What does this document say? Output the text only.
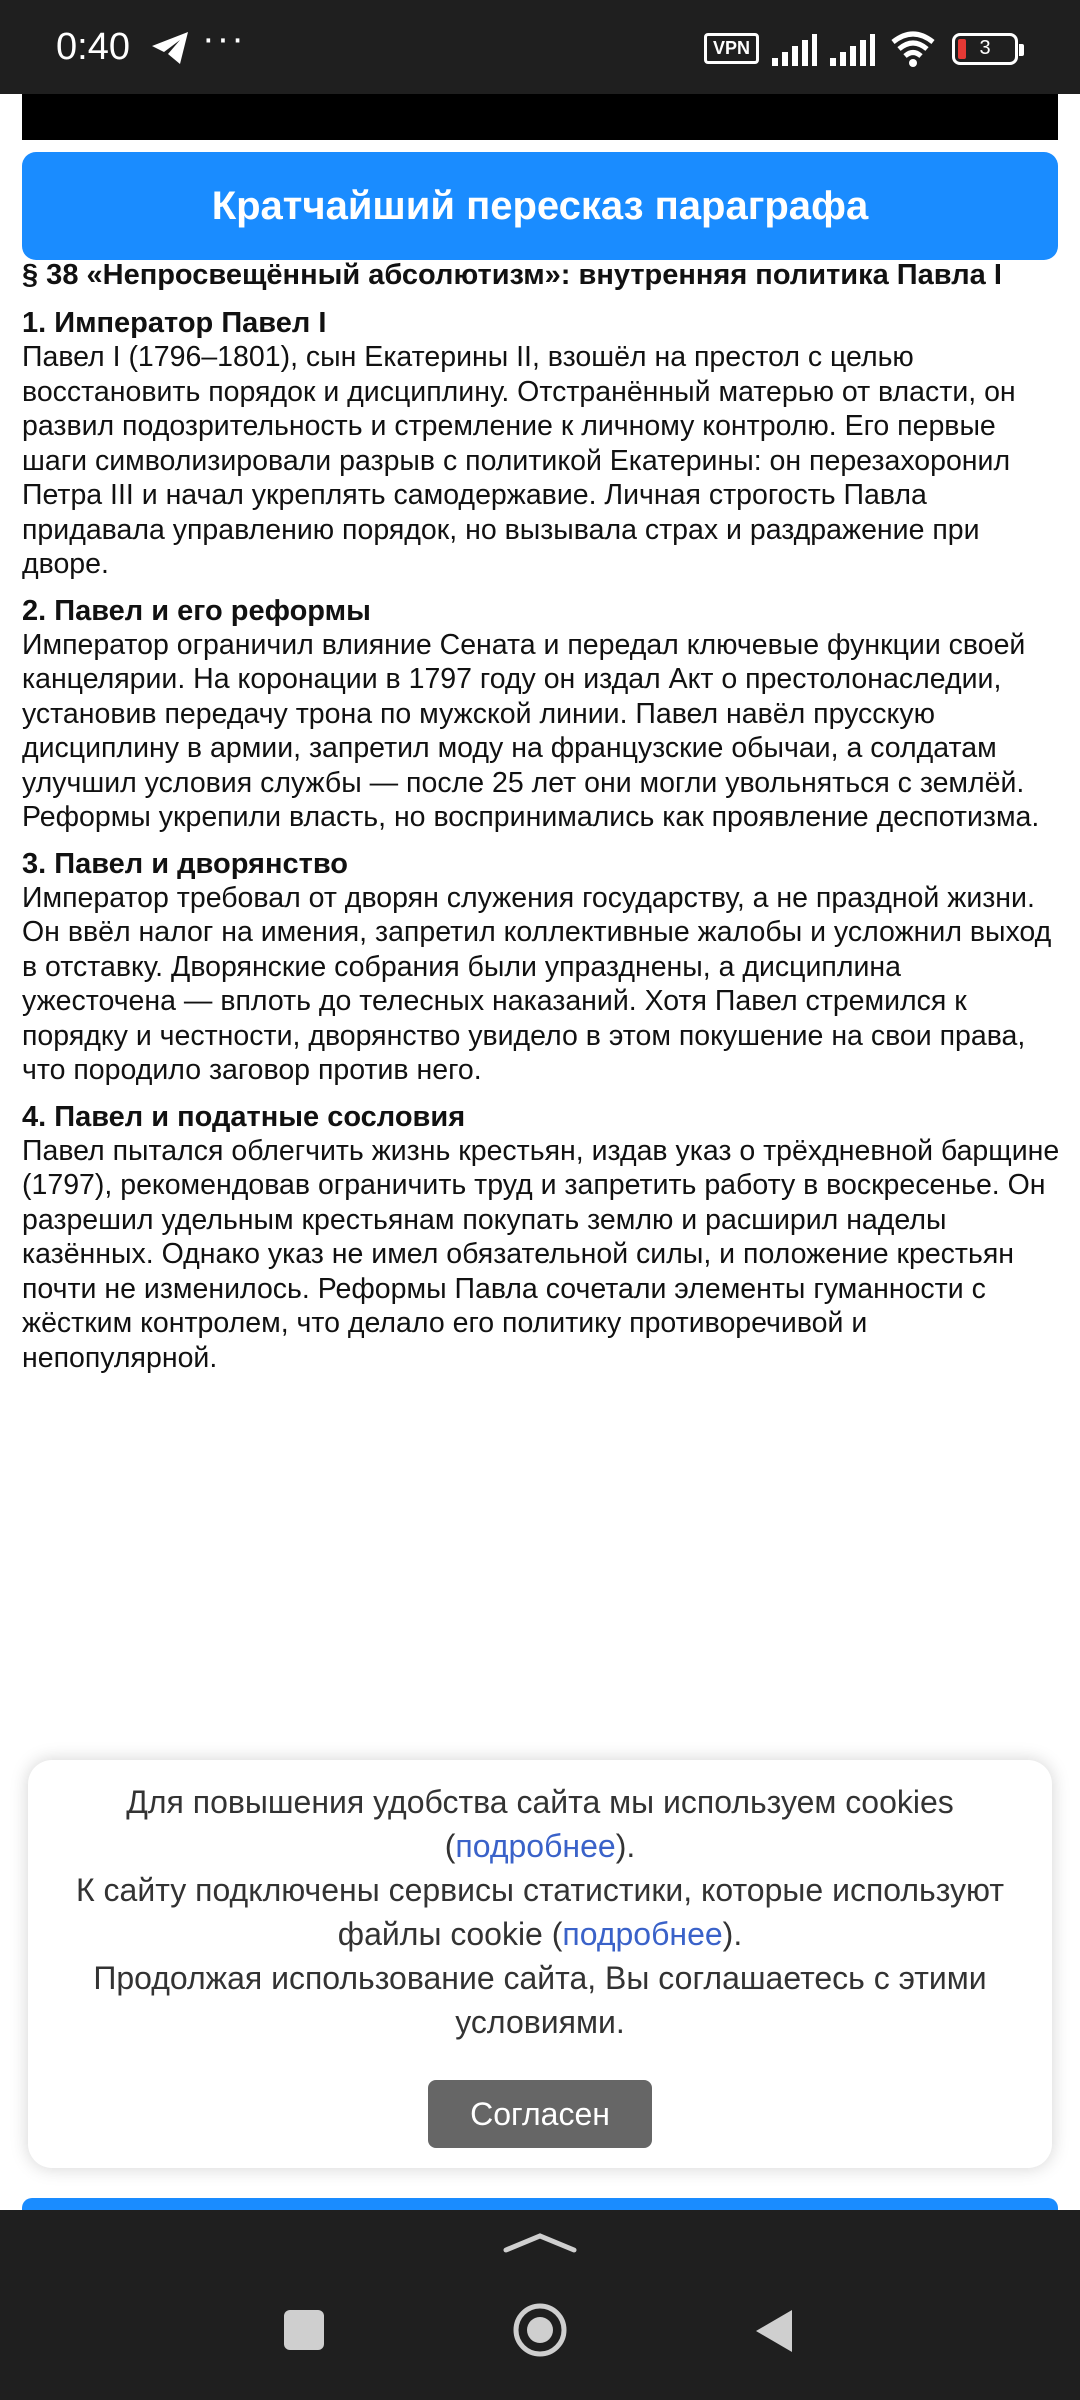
0:40 ···	VPN	3
Кратчайший пересказ параграфа
§ 38 «Непросвещённый абсолютизм»: внутренняя политика Павла I
1. Император Павел I

Павел I (1796–1801), сын Екатерины II, взошёл на престол с целью восстановить порядок и дисциплину. Отстранённый матерью от власти, он развил подозрительность и стремление к личному контролю. Его первые шаги символизировали разрыв с политикой Екатерины: он перезахоронил Петра III и начал укреплять самодержавие. Личная строгость Павла придавала управлению порядок, но вызывала страх и раздражение при дворе.

2. Павел и его реформы

Император ограничил влияние Сената и передал ключевые функции своей канцелярии. На коронации в 1797 году он издал Акт о престолонаследии, установив передачу трона по мужской линии. Павел навёл прусскую дисциплину в армии, запретил моду на французские обычаи, а солдатам улучшил условия службы — после 25 лет они могли увольняться с землёй. Реформы укрепили власть, но воспринимались как проявление деспотизма.

3. Павел и дворянство

Император требовал от дворян служения государству, а не праздной жизни. Он ввёл налог на имения, запретил коллективные жалобы и усложнил выход в отставку. Дворянские собрания были упразднены, а дисциплина ужесточена — вплоть до телесных наказаний. Хотя Павел стремился к порядку и честности, дворянство увидело в этом покушение на свои права, что породило заговор против него.

4. Павел и податные сословия

Павел пытался облегчить жизнь крестьян, издав указ о трёхдневной барщине (1797), рекомендовав ограничить труд и запретить работу в воскресенье. Он разрешил удельным крестьянам покупать землю и расширил наделы казённых. Однако указ не имел обязательной силы, и положение крестьян почти не изменилось. Реформы Павла сочетали элементы гуманности с жёстким контролем, что делало его политику противоречивой и непопулярной.

Для повышения удобства сайта мы используем cookies
(подробнее).
К сайту подключены сервисы статистики, которые используют файлы cookie (подробнее).
Продолжая использование сайта, Вы соглашаетесь с этими условиями.
Согласен
